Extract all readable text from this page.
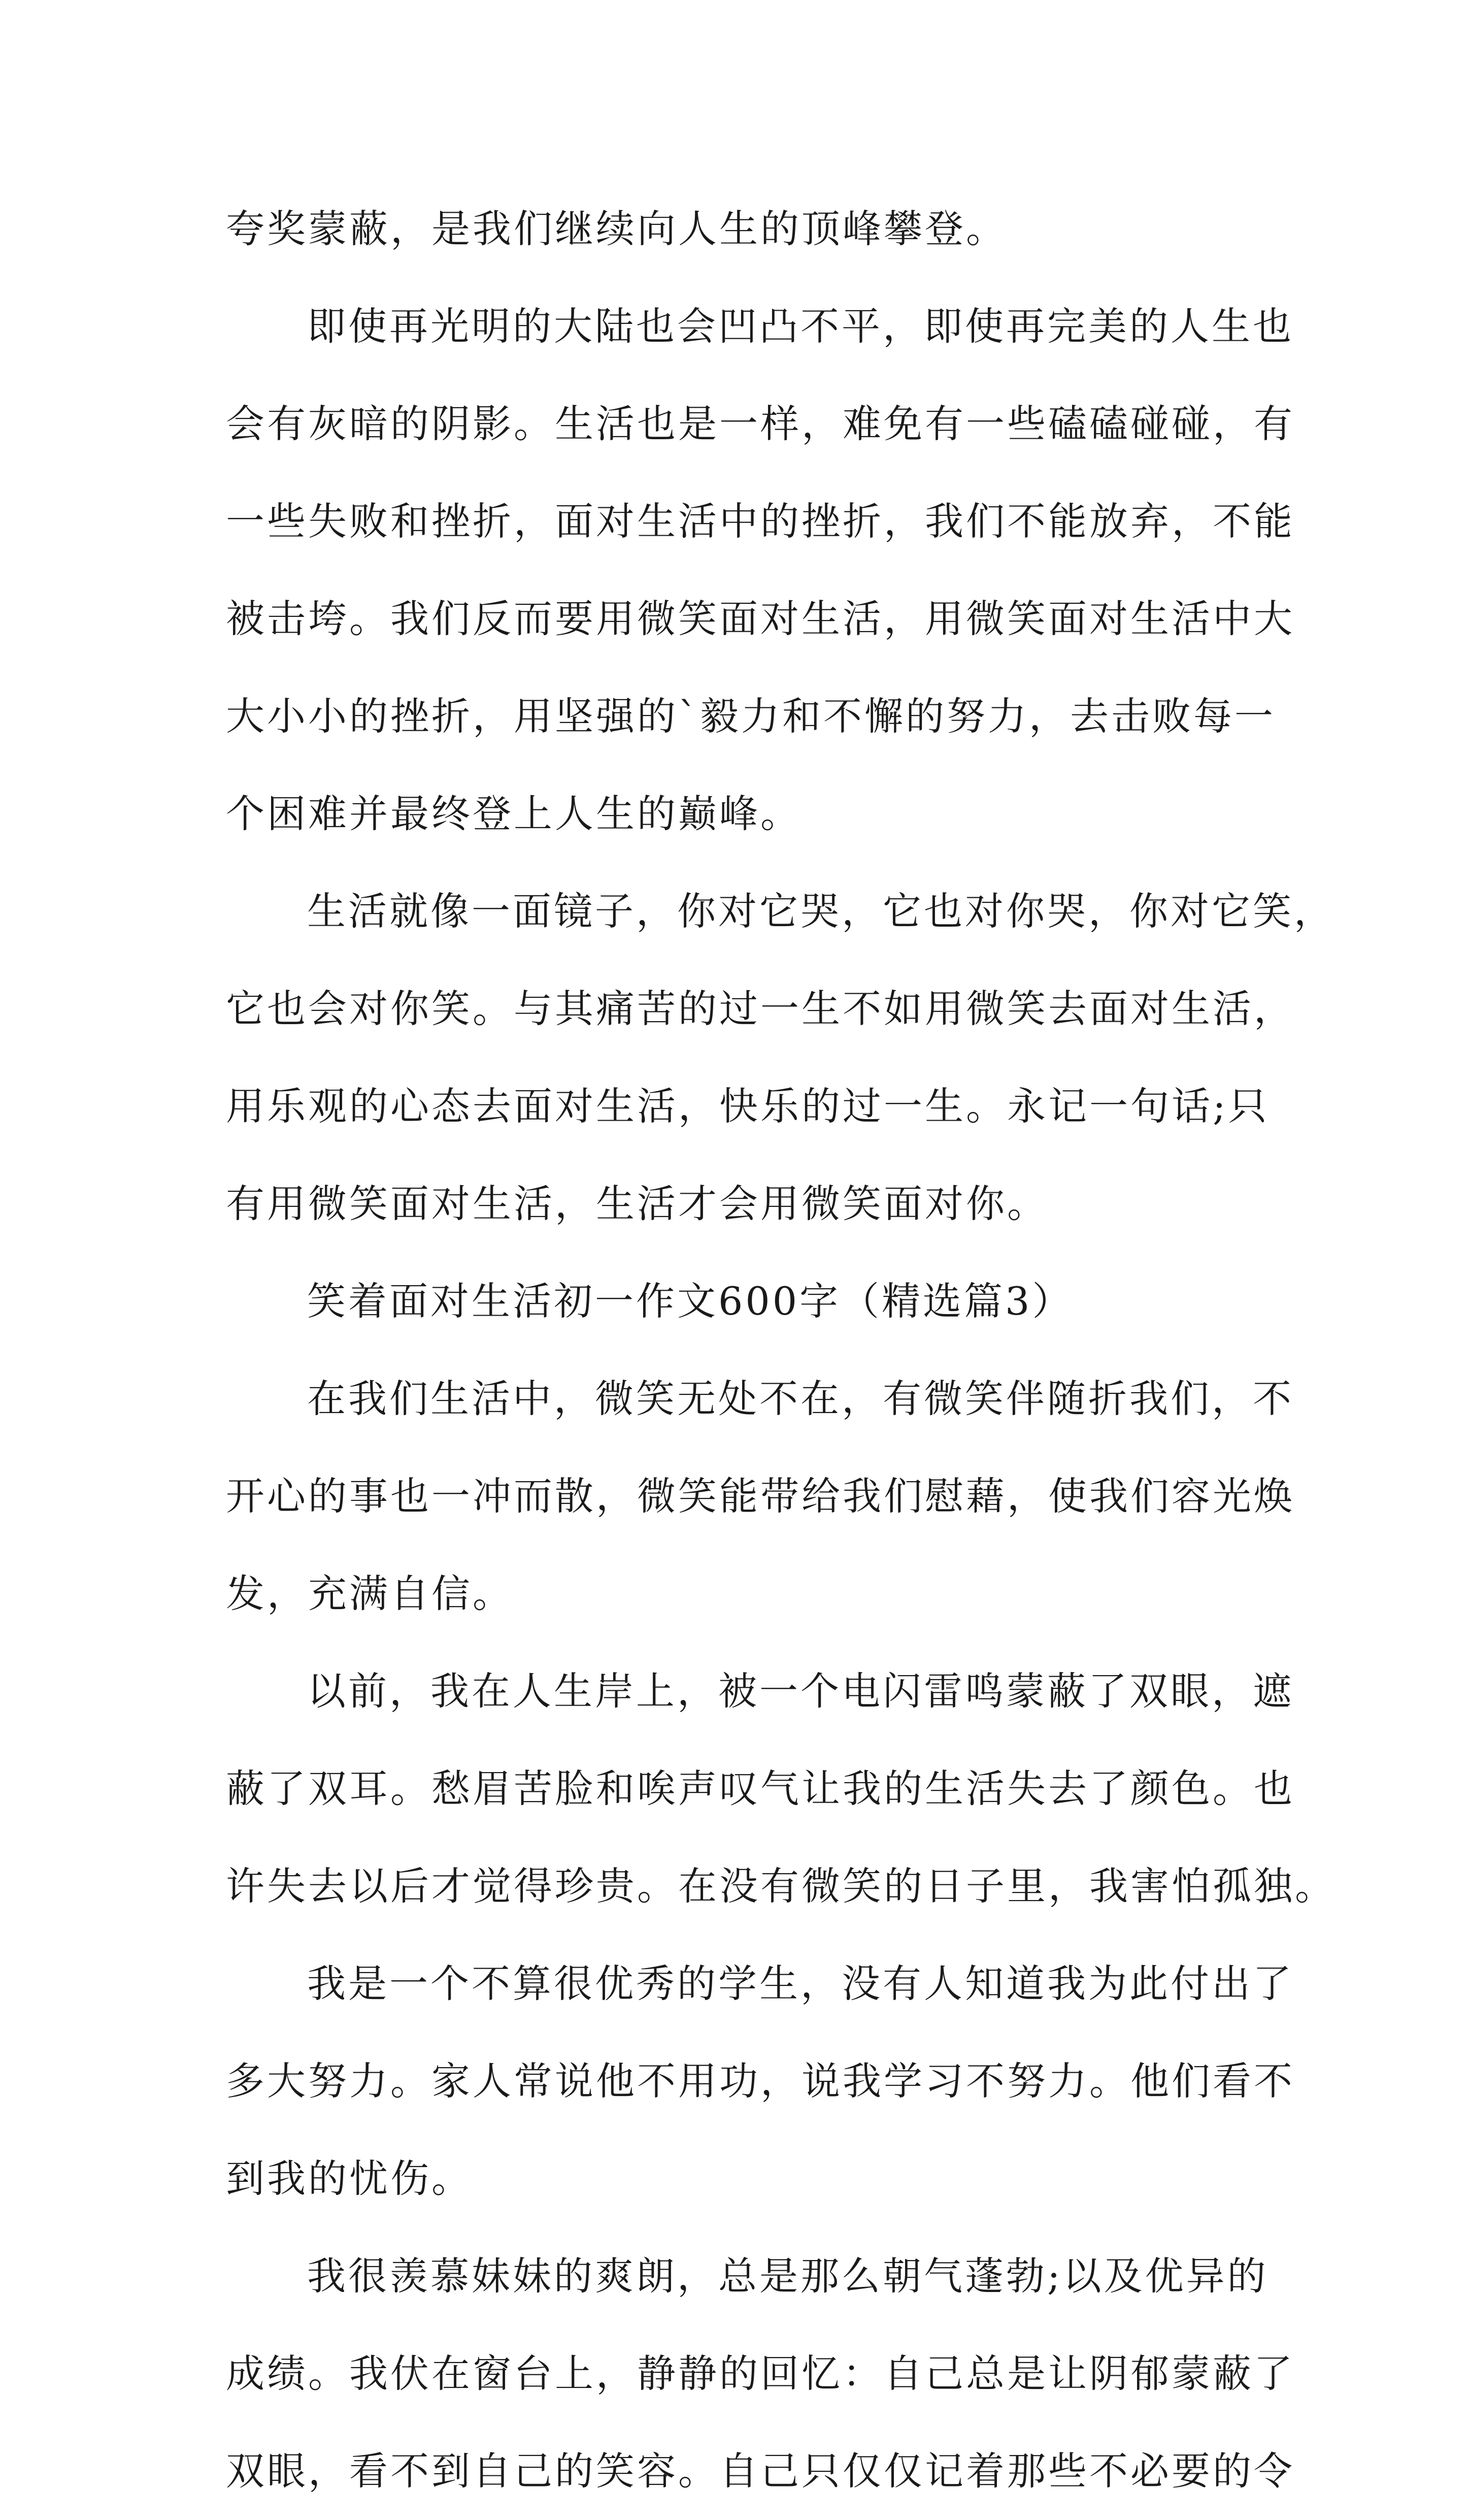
夸奖蒙蔽，是我们继续向人生的顶峰攀登。
即使再光明的大陆也会凹凸不平，即使再完美的人生也
会有灰暗的阴影。生活也是一样，难免有一些磕磕碰碰，有
一些失败和挫折，面对生活中的挫折，我们不能放弃，不能
被击垮。我们反而要用微笑面对生活，用微笑面对生活中大
大小小的挫折，用坚强的`毅力和不懈的努力，去击败每一
个困难并最终登上人生的巅峰。
生活就像一面镜子，你对它哭，它也对你哭，你对它笑，
它也会对你笑。与其痛苦的过一生不如用微笑去面对生活，
用乐观的心态去面对生活，快乐的过一生。永记一句话;只
有用微笑面对生活，生活才会用微笑面对你。
笑着面对生活初一作文600字（精选篇3）
在我们生活中，微笑无处不在，有微笑伴随折我们，不
开心的事也一冲而散，微笑能带给我们慰藉，使我们容光焕
发，充满自信。
以前，我在人生岸上，被一个电闪雷鸣蒙蔽了双眼，遮
蔽了双耳。愁眉苦脸和唉声叹气让我的生活失去了颜色。也
许失去以后才觉得珍贵。在没有微笑的日子里，我害怕孤独。
我是一个不算很优秀的学生，没有人知道我为此付出了
多大努力。家人常说他不用功，说我学习不努力。他们看不
到我的忧伤。
我很羡慕妹妹的爽朗，总是那么朝气蓬勃;以及优异的
成绩。我伏在窗台上，静静的回忆：自己总是让阴郁蒙蔽了
双眼，看不到自己的笑容。自己只仅仅记着那些不必要的令
